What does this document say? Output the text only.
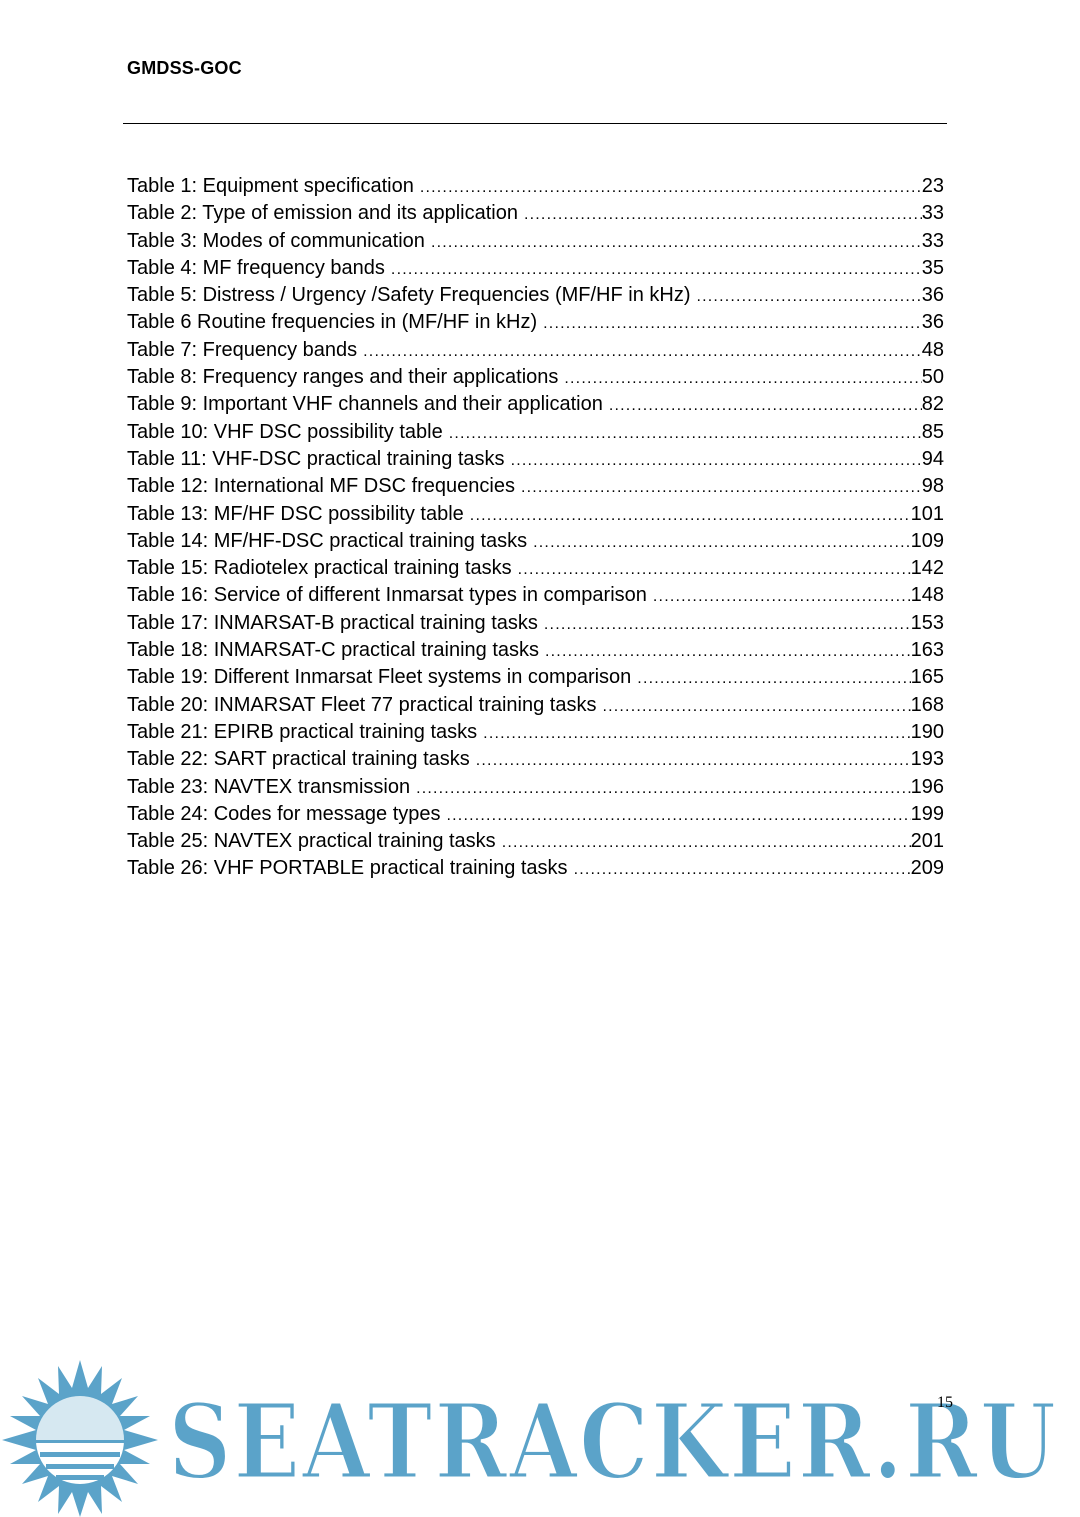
GMDSS-GOC
Table 1: Equipment specification .....	23
Table 2: Type of emission and its application .....	33
Table 3: Modes of communication .....	33
Table 4: MF frequency bands .....	35
Table 5: Distress / Urgency /Safety Frequencies (MF/HF in kHz) .....	36
Table 6 Routine frequencies in (MF/HF in kHz) .....	36
Table 7: Frequency bands .....	48
Table 8: Frequency ranges and their applications .....	50
Table 9: Important VHF channels and their application .....	82
Table 10: VHF DSC possibility table .....	85
Table 11: VHF-DSC practical training tasks .....	94
Table 12: International MF DSC frequencies .....	98
Table 13: MF/HF DSC possibility table .....	101
Table 14: MF/HF-DSC practical training tasks .....	109
Table 15: Radiotelex practical training tasks .....	142
Table 16: Service of different Inmarsat types in comparison .....	148
Table 17: INMARSAT-B practical training tasks .....	153
Table 18: INMARSAT-C practical training tasks .....	163
Table 19: Different Inmarsat Fleet systems in comparison .....	165
Table 20: INMARSAT Fleet 77 practical training tasks .....	168
Table 21: EPIRB practical training tasks .....	190
Table 22: SART practical training tasks .....	193
Table 23: NAVTEX transmission .....	196
Table 24: Codes for message types .....	199
Table 25: NAVTEX practical training tasks .....	201
Table 26: VHF PORTABLE practical training tasks .....	209
SEATRACKER.RU
15
